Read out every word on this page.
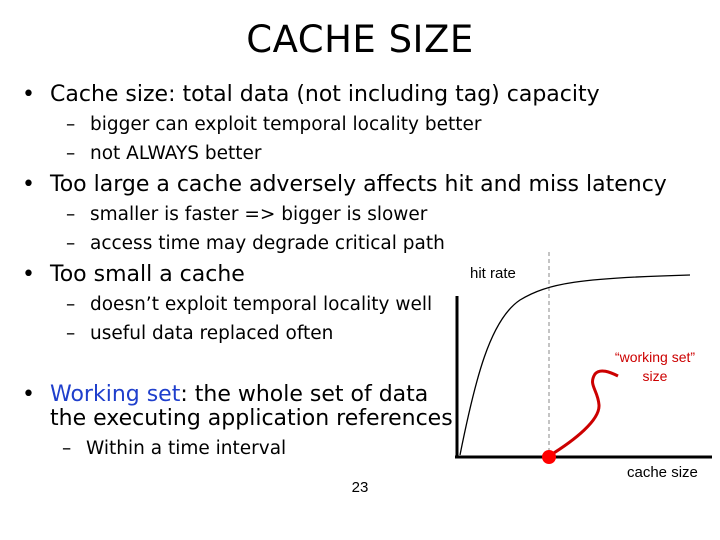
CACHE SIZE
• Cache size: total data (not including tag) capacity
– bigger can exploit temporal locality better
– not ALWAYS better
• Too large a cache adversely affects hit and miss latency
– smaller is faster => bigger is slower
– access time may degrade critical path
• Too small a cache
– doesn’t exploit temporal locality well
– useful data replaced often
• Working set: the whole set of data
the executing application references
– Within a time interval
hit rate
cache size
“working set”
size
23
